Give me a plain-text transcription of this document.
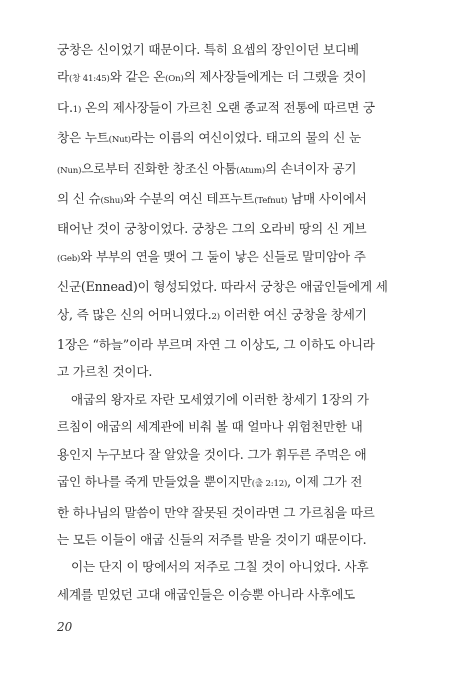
궁창은 신이었기 때문이다. 특히 요셉의 장인이던 보디베
라(창 41:45)와 같은 온(On)의 제사장들에게는 더 그랬을 것이
다.1) 온의 제사장들이 가르친 오랜 종교적 전통에 따르면 궁
창은 누트(Nut)라는 이름의 여신이었다. 태고의 물의 신 눈
(Nun)으로부터 진화한 창조신 아툼(Atum)의 손녀이자 공기
의 신 슈(Shu)와 수분의 여신 테프누트(Tefnut) 남매 사이에서
태어난 것이 궁창이었다. 궁창은 그의 오라비 땅의 신 게브
(Geb)와 부부의 연을 맺어 그 둘이 낳은 신들로 말미암아 주
신군(Ennead)이 형성되었다. 따라서 궁창은 애굽인들에게 세
상, 즉 많은 신의 어머니였다.2) 이러한 여신 궁창을 창세기
1장은 “하늘”이라 부르며 자연 그 이상도, 그 이하도 아니라
고 가르친 것이다.
애굽의 왕자로 자란 모세였기에 이러한 창세기 1장의 가
르침이 애굽의 세계관에 비춰 볼 때 얼마나 위험천만한 내
용인지 누구보다 잘 알았을 것이다. 그가 휘두른 주먹은 애
굽인 하나를 죽게 만들었을 뿐이지만(출 2:12), 이제 그가 전
한 하나님의 말씀이 만약 잘못된 것이라면 그 가르침을 따르
는 모든 이들이 애굽 신들의 저주를 받을 것이기 때문이다.
이는 단지 이 땅에서의 저주로 그칠 것이 아니었다. 사후
세계를 믿었던 고대 애굽인들은 이승뿐 아니라 사후에도
20
